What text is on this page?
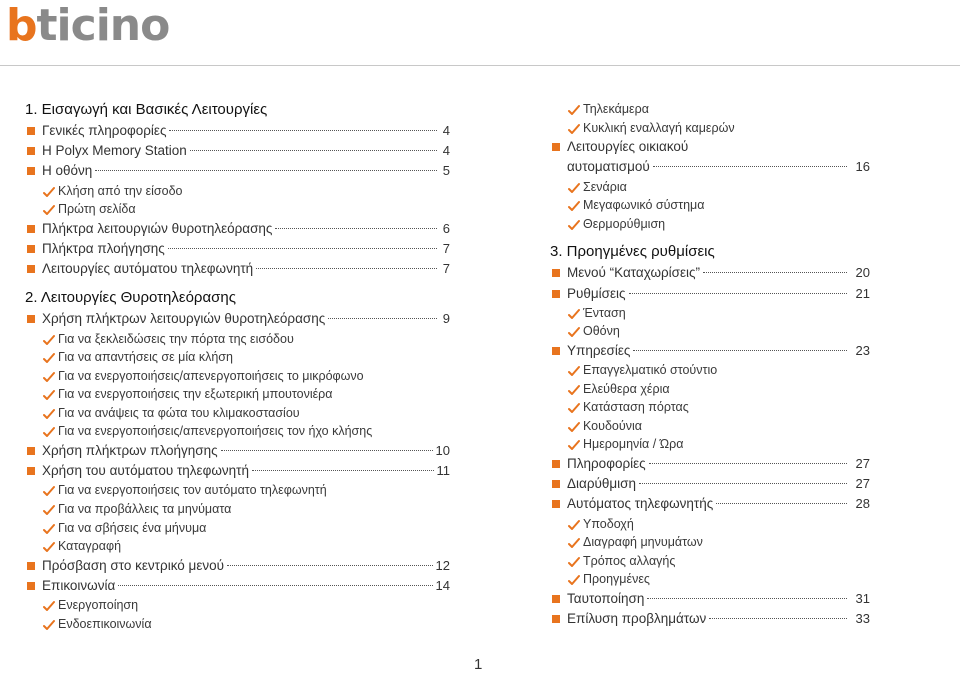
bticino
1. Εισαγωγή και Βασικές Λειτουργίες
Γενικές πληροφορίες	4
Η Polyx Memory Station	4
Η οθόνη	5
Κλήση από την είσοδο
Πρώτη σελίδα
Πλήκτρα λειτουργιών θυροτηλεόρασης	6
Πλήκτρα πλοήγησης	7
Λειτουργίες αυτόματου τηλεφωνητή	7
2. Λειτουργίες Θυροτηλεόρασης
Χρήση πλήκτρων λειτουργιών θυροτηλεόρασης	9
Για να ξεκλειδώσεις την πόρτα της εισόδου
Για να απαντήσεις σε μία κλήση
Για να ενεργοποιήσεις/απενεργοποιήσεις το μικρόφωνο
Για να ενεργοποιήσεις την εξωτερική μπουτονιέρα
Για να ανάψεις τα φώτα του κλιμακοστασίου
Για να ενεργοποιήσεις/απενεργοποιήσεις τον ήχο κλήσης
Χρήση πλήκτρων πλοήγησης	10
Χρήση του αυτόματου τηλεφωνητή	11
Για να ενεργοποιήσεις τον αυτόματο τηλεφωνητή
Για να προβάλλεις τα μηνύματα
Για να σβήσεις ένα μήνυμα
Καταγραφή
Πρόσβαση στο κεντρικό μενού	12
Επικοινωνία	14
Ενεργοποίηση
Ενδοεπικοινωνία
Τηλεκάμερα
Κυκλική εναλλαγή καμερών
Λειτουργίες οικιακού
αυτοματισμού	16
Σενάρια
Μεγαφωνικό σύστημα
Θερμορύθμιση
3. Προηγμένες ρυθμίσεις
Μενού “Καταχωρίσεις”	20
Ρυθμίσεις	21
Ένταση
Οθόνη
Υπηρεσίες	23
Επαγγελματικό στούντιο
Ελεύθερα χέρια
Κατάσταση πόρτας
Κουδούνια
Ημερομηνία / Ώρα
Πληροφορίες	27
Διαρύθμιση	27
Αυτόματος τηλεφωνητής	28
Υποδοχή
Διαγραφή μηνυμάτων
Τρόπος αλλαγής
Προηγμένες
Ταυτοποίηση	31
Επίλυση προβλημάτων	33
1
